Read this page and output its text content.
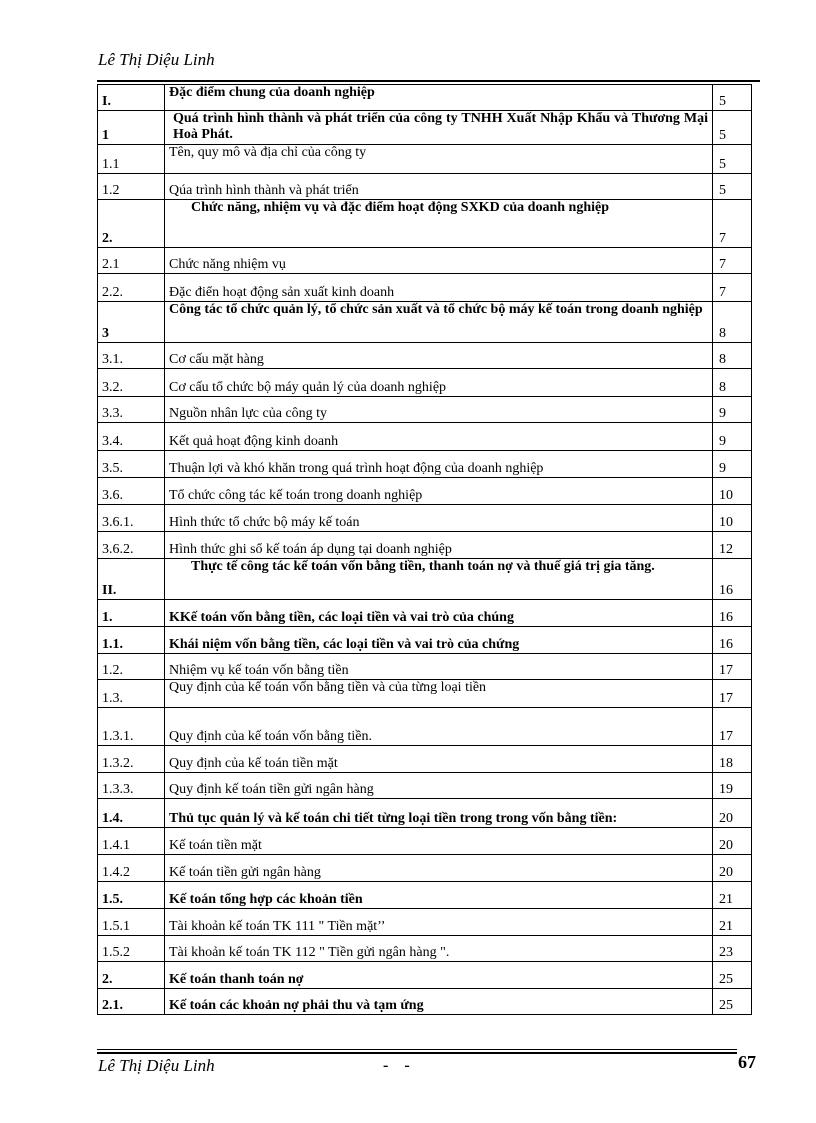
Lê Thị Diệu Linh
I.	Đặc điểm chung của doanh nghiệp	5
1	Quá trình hình thành và phát triển của công ty TNHH Xuất Nhập Khẩu và Thương Mại Hoà Phát.	5
1.1	Tên, quy mô và địa chỉ của công ty	5
1.2	Qúa trình hình thành và phát triển	5
2.	Chức năng, nhiệm vụ và đặc điểm hoạt động SXKD của doanh nghiệp	7
2.1	Chức năng nhiệm vụ	7
2.2.	Đặc điển hoạt động sản xuất kinh doanh	7
3	Công tác tổ chức quản lý, tổ chức sản xuất và tổ chức bộ máy kế toán trong doanh nghiệp	8
3.1.	Cơ cấu mặt hàng	8
3.2.	Cơ cấu tổ chức bộ máy quản lý của doanh nghiệp	8
3.3.	Nguồn nhân lực của công ty	9
3.4.	Kết quả hoạt động kinh doanh	9
3.5.	Thuận lợi và khó khăn trong quá trình hoạt động của doanh nghiệp	9
3.6.	Tổ chức công tác kế toán trong doanh nghiệp	10
3.6.1.	Hình thức tổ chức bộ máy kế toán	10
3.6.2.	Hình thức ghi sổ kế toán áp dụng tại doanh nghiệp	12
II.	Thực tế công tác kế toán vốn bằng tiền, thanh toán nợ và thuế giá trị gia tăng.	16
1.	KKế toán vốn bằng tiền, các loại tiền và vai trò của chúng	16
1.1.	Khái niệm vốn bằng tiền, các loại tiền và vai trò của chứng	16
1.2.	Nhiệm vụ kế toán vốn bằng tiền	17
1.3.	Quy định của kế toán vốn bằng tiền và của từng loại tiền	17
1.3.1.	Quy định của kế toán vốn bằng tiền.	17
1.3.2.	Quy định của kế toán tiền mặt	18
1.3.3.	Quy định kế toán tiền gửi ngân hàng	19
1.4.	Thủ tục quản lý và kế toán chi tiết từng loại tiền trong trong vốn bằng tiền:	20
1.4.1	Kế toán tiền mặt	20
1.4.2	Kế toán tiền gửi ngân hàng	20
1.5.	Kế toán tổng hợp các khoản tiền	21
1.5.1	Tài khoản kế toán TK 111 " Tiền mặt’’	21
1.5.2	Tài khoản kế toán TK 112 " Tiền gửi ngân hàng ".	23
2.	Kế toán thanh toán nợ	25
2.1.	Kế toán các khoản nợ phải thu và tạm ứng	25
Lê Thị Diệu Linh	- -	67
